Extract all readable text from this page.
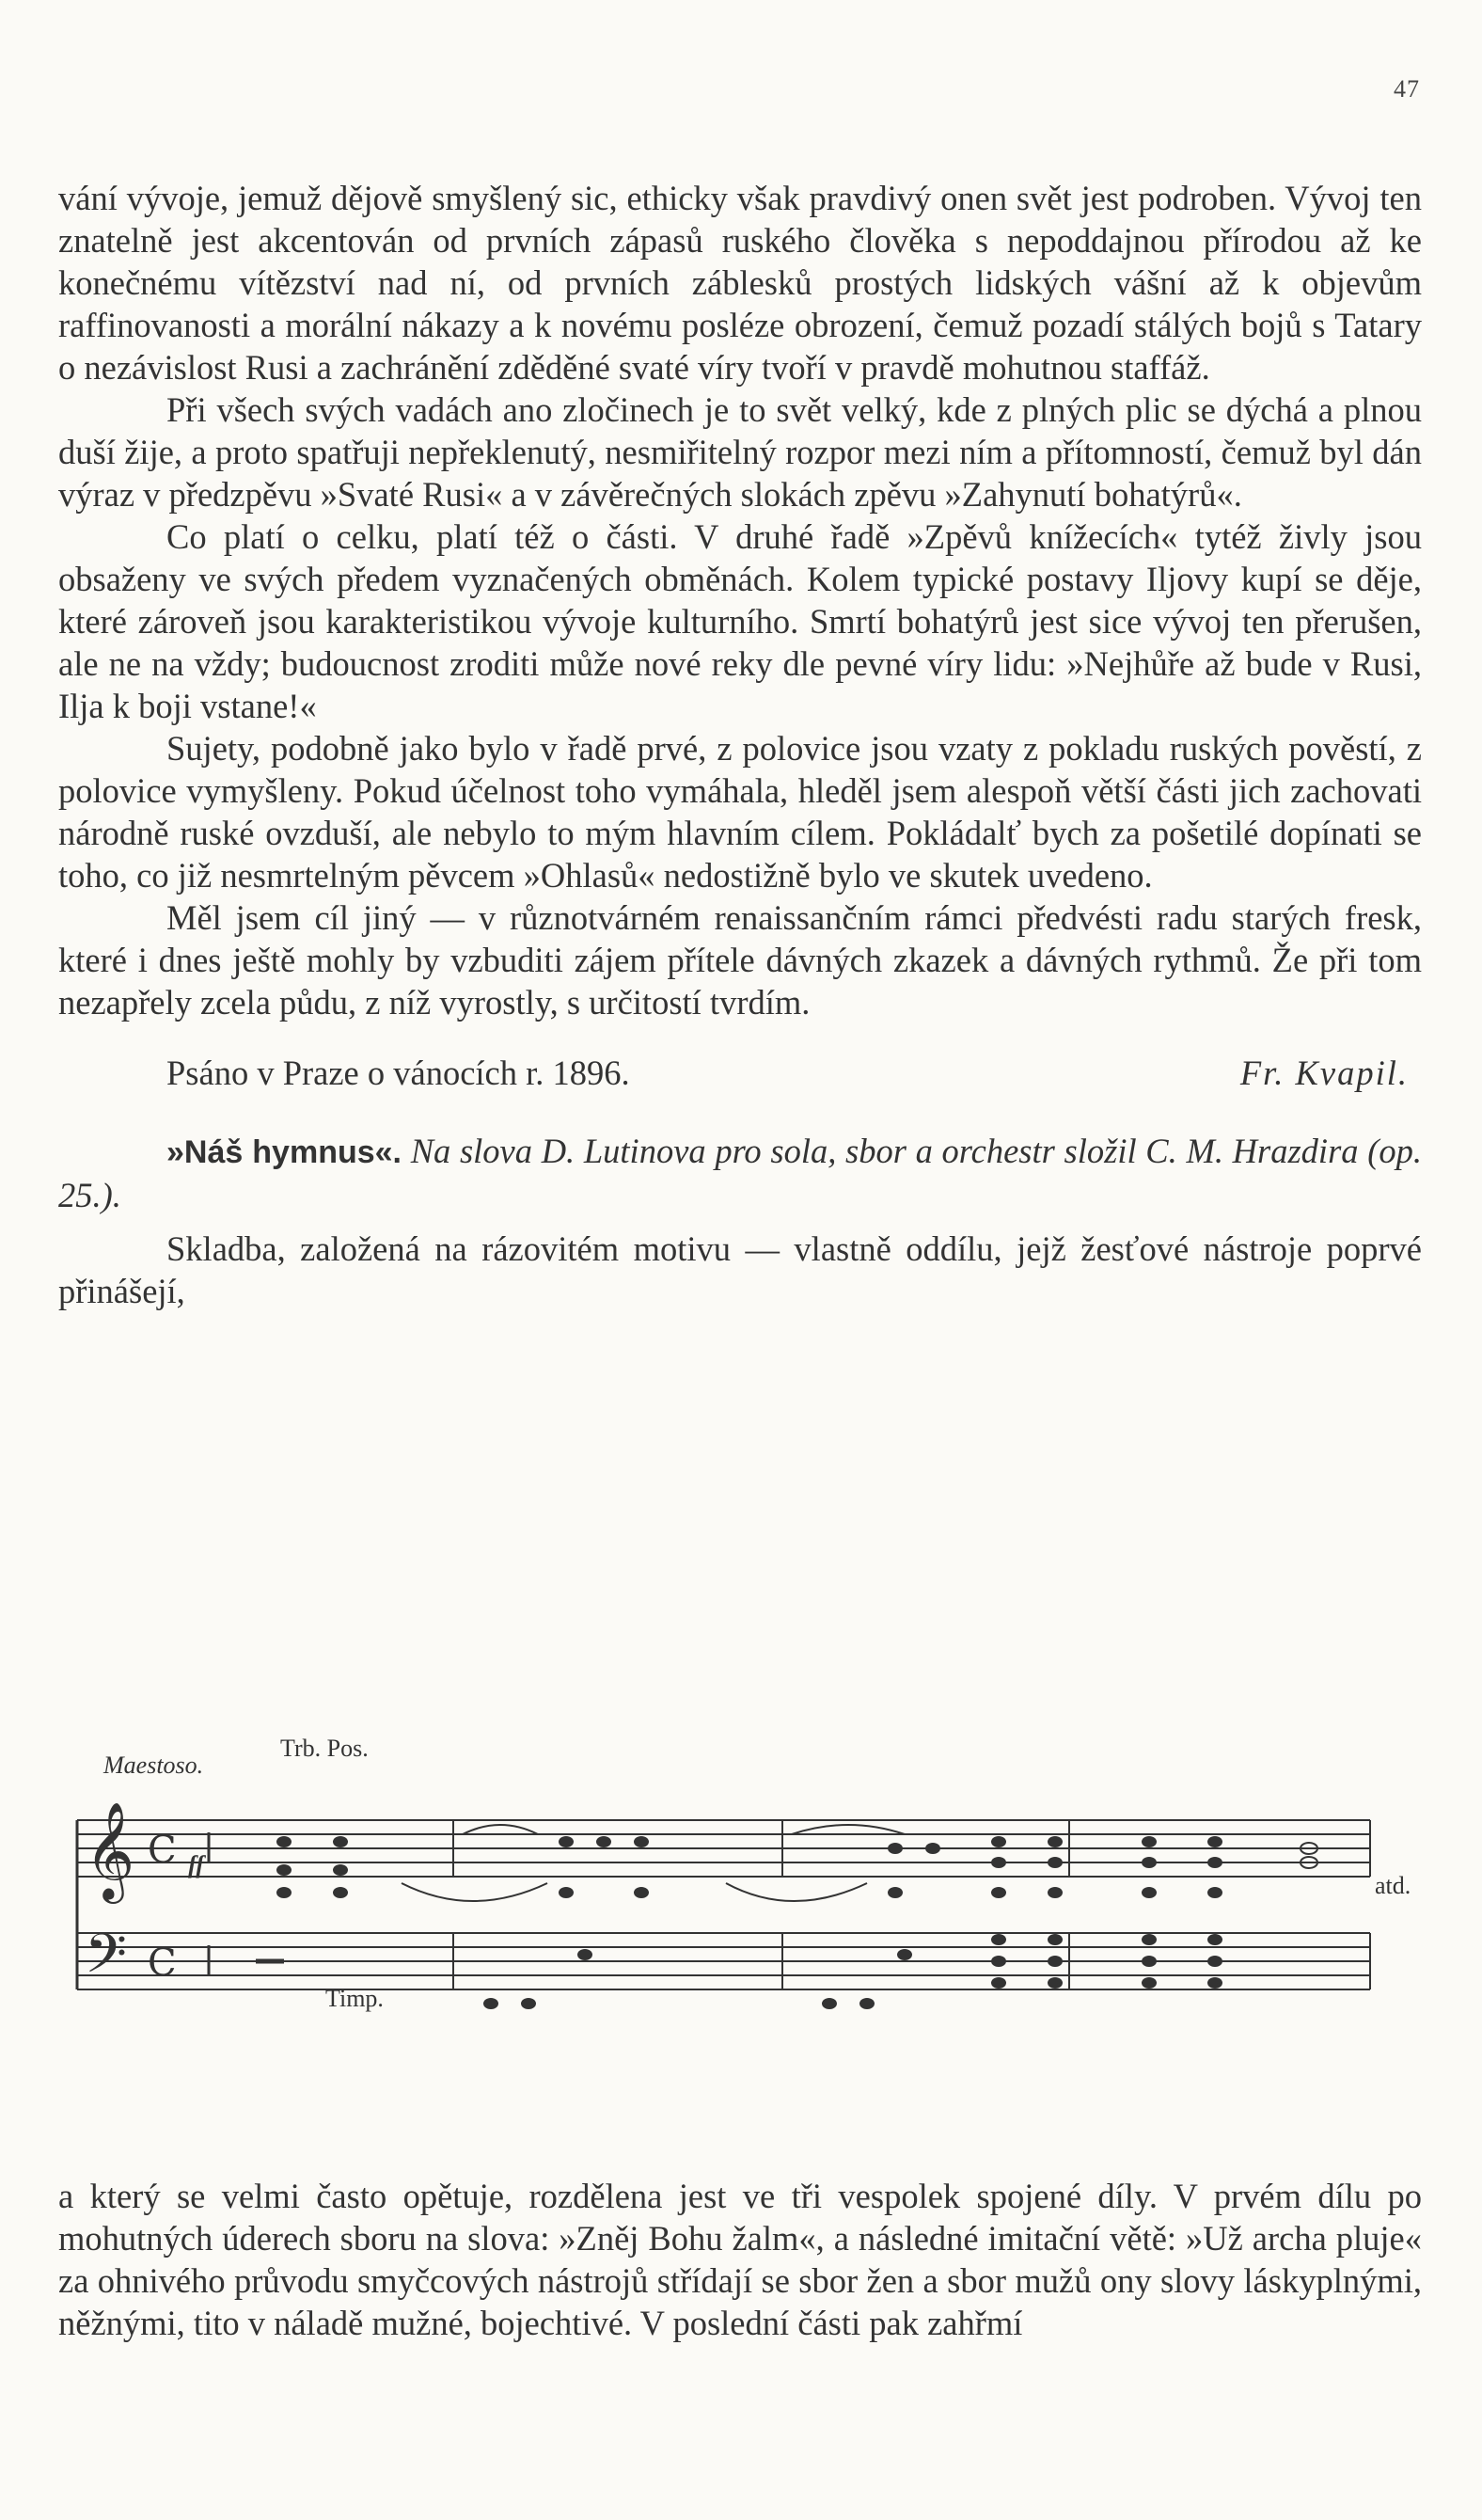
47

vání vývoje, jemuž dějově smyšlený sic, ethicky však pravdivý onen svět jest podroben. Vývoj ten znatelně jest akcentován od prvních zápasů ruského člověka s nepoddajnou přírodou až ke konečnému vítězství nad ní, od prvních záblesků prostých lidských vášní až k objevům raffinovanosti a morální nákazy a k novému posléze obrození, čemuž pozadí stálých bojů s Tatary o nezávislost Rusi a zachránění zděděné svaté víry tvoří v pravdě mohutnou staffáž.

Při všech svých vadách ano zločinech je to svět velký, kde z plných plic se dýchá a plnou duší žije, a proto spatřuji nepřeklenutý, nesmiřitelný rozpor mezi ním a přítomností, čemuž byl dán výraz v předzpěvu »Svaté Rusi« a v závěrečných slokách zpěvu »Zahynutí bohatýrů«.

Co platí o celku, platí též o části. V druhé řadě »Zpěvů knížecích« tytéž živly jsou obsaženy ve svých předem vyznačených obměnách. Kolem typické postavy Iljovy kupí se děje, které zároveň jsou karakteristikou vývoje kulturního. Smrtí bohatýrů jest sice vývoj ten přerušen, ale ne na vždy; budoucnost zroditi může nové reky dle pevné víry lidu: »Nejhůře až bude v Rusi, Ilja k boji vstane!«

Sujety, podobně jako bylo v řadě prvé, z polovice jsou vzaty z pokladu ruských pověstí, z polovice vymyšleny. Pokud účelnost toho vymáhala, hleděl jsem alespoň větší části jich zachovati národně ruské ovzduší, ale nebylo to mým hlavním cílem. Pokládalť bych za pošetilé dopínati se toho, co již nesmrtelným pěvcem »Ohlasů« nedostižně bylo ve skutek uvedeno.

Měl jsem cíl jiný — v různotvárném renaissančním rámci předvésti radu starých fresk, které i dnes ještě mohly by vzbuditi zájem přítele dávných zkazek a dávných rythmů. Že při tom nezapřely zcela půdu, z níž vyrostly, s určitostí tvrdím.

Psáno v Praze o vánocích r. 1896.	Fr. Kvapil.

»Náš hymnus«. Na slova D. Lutinova pro sola, sbor a orchestr složil C. M. Hrazdira (op. 25.).

Skladba, založená na rázovitém motivu — vlastně oddílu, jejž žesťové nástroje poprvé přinášejí,

𝄞 C
𝄢 C
Maestoso.
Trb. Pos.
ff
Timp.
atd.

a který se velmi často opětuje, rozdělena jest ve tři vespolek spojené díly. V prvém dílu po mohutných úderech sboru na slova: »Zněj Bohu žalm«, a následné imitační větě: »Už archa pluje« za ohnivého průvodu smyčcových nástrojů střídají se sbor žen a sbor mužů ony slovy láskyplnými, něžnými, tito v náladě mužné, bojechtivé. V poslední části pak zahřmí
